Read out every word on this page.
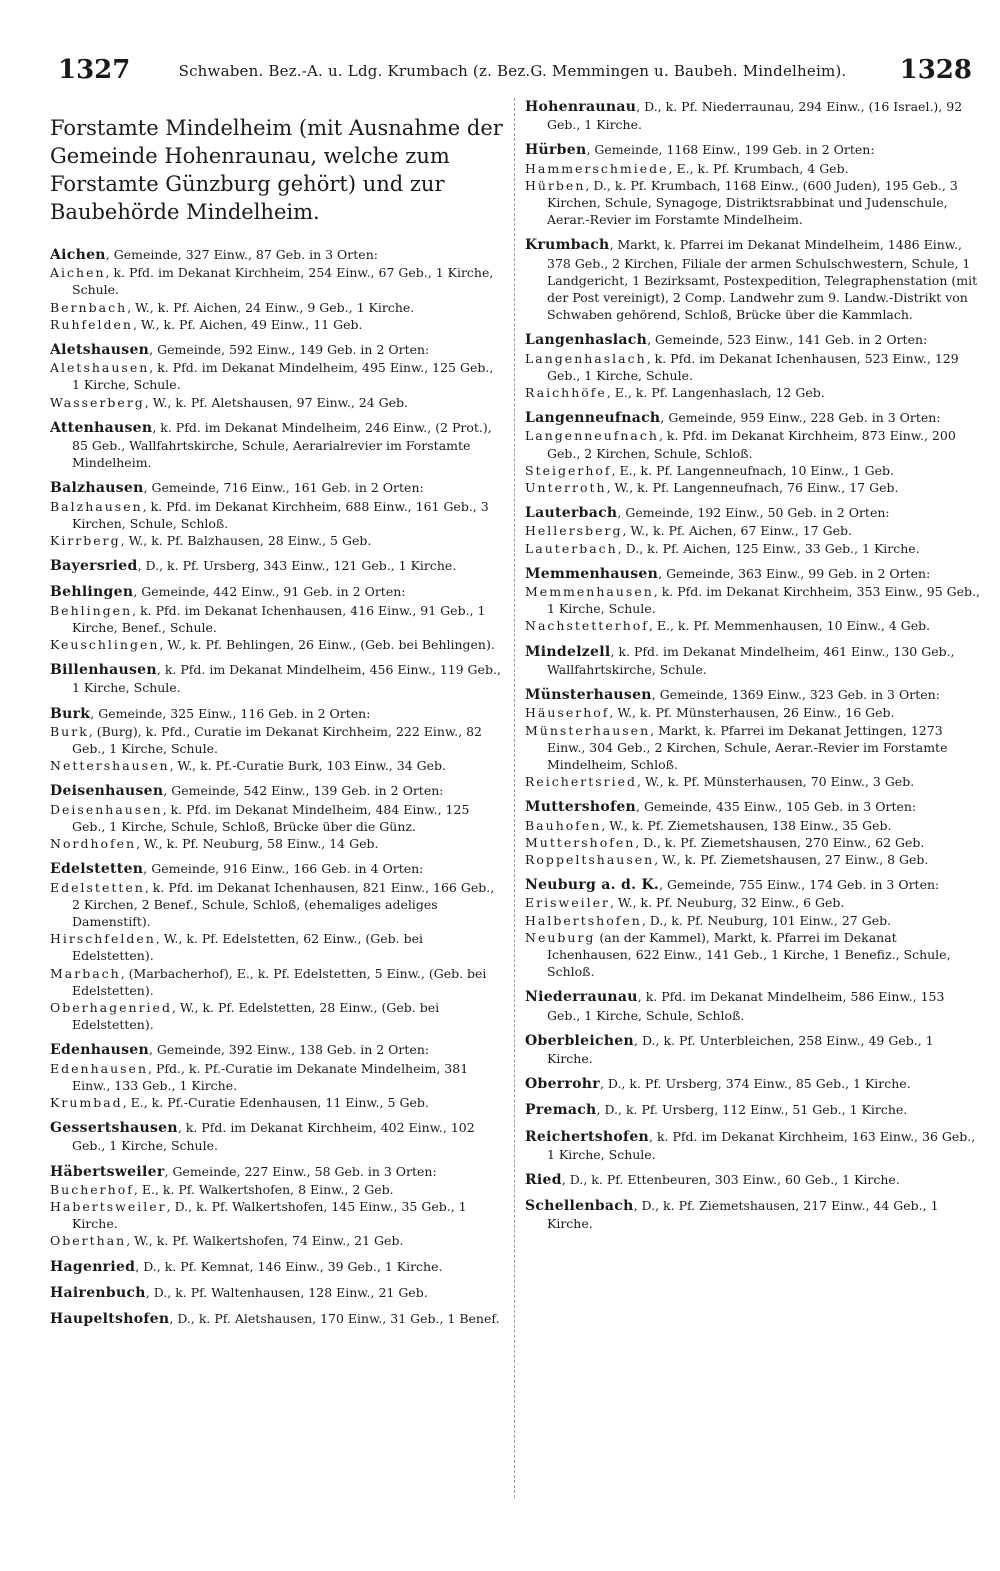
1327	Schwaben. Bez.-A. u. Ldg. Krumbach (z. Bez.G. Memmingen u. Baubeh. Mindelheim).	1328
Forstamte Mindelheim (mit Ausnahme der Gemeinde Hohenraunau, welche zum Forstamte Günzburg gehört) und zur Baubehörde Mindelheim.
Aichen, Gemeinde, 327 Einw., 87 Geb. in 3 Orten:
Aichen, k. Pfd. im Dekanat Kirchheim, 254 Einw., 67 Geb., 1 Kirche, Schule.
Bernbach, W., k. Pf. Aichen, 24 Einw., 9 Geb., 1 Kirche.
Ruhfelden, W., k. Pf. Aichen, 49 Einw., 11 Geb.
Aletshausen, Gemeinde, 592 Einw., 149 Geb. in 2 Orten:
Aletshausen, k. Pfd. im Dekanat Mindelheim, 495 Einw., 125 Geb., 1 Kirche, Schule.
Wasserberg, W., k. Pf. Aletshausen, 97 Einw., 24 Geb.
Attenhausen, k. Pfd. im Dekanat Mindelheim, 246 Einw., (2 Prot.), 85 Geb., Wallfahrtskirche, Schule, Aerarialrevier im Forstamte Mindelheim.
Balzhausen, Gemeinde, 716 Einw., 161 Geb. in 2 Orten:
Balzhausen, k. Pfd. im Dekanat Kirchheim, 688 Einw., 161 Geb., 3 Kirchen, Schule, Schloß.
Kirrberg, W., k. Pf. Balzhausen, 28 Einw., 5 Geb.
Bayersried, D., k. Pf. Ursberg, 343 Einw., 121 Geb., 1 Kirche.
Behlingen, Gemeinde, 442 Einw., 91 Geb. in 2 Orten:
Behlingen, k. Pfd. im Dekanat Ichenhausen, 416 Einw., 91 Geb., 1 Kirche, Benef., Schule.
Keuschlingen, W., k. Pf. Behlingen, 26 Einw., (Geb. bei Behlingen).
Billenhausen, k. Pfd. im Dekanat Mindelheim, 456 Einw., 119 Geb., 1 Kirche, Schule.
Burk, Gemeinde, 325 Einw., 116 Geb. in 2 Orten:
Burk, (Burg), k. Pfd., Curatie im Dekanat Kirchheim, 222 Einw., 82 Geb., 1 Kirche, Schule.
Nettershausen, W., k. Pf.-Curatie Burk, 103 Einw., 34 Geb.
Deisenhausen, Gemeinde, 542 Einw., 139 Geb. in 2 Orten:
Deisenhausen, k. Pfd. im Dekanat Mindelheim, 484 Einw., 125 Geb., 1 Kirche, Schule, Schloß, Brücke über die Günz.
Nordhofen, W., k. Pf. Neuburg, 58 Einw., 14 Geb.
Edelstetten, Gemeinde, 916 Einw., 166 Geb. in 4 Orten:
Edelstetten, k. Pfd. im Dekanat Ichenhausen, 821 Einw., 166 Geb., 2 Kirchen, 2 Benef., Schule, Schloß, (ehemaliges adeliges Damenstift).
Hirschfelden, W., k. Pf. Edelstetten, 62 Einw., (Geb. bei Edelstetten).
Marbach, (Marbacherhof), E., k. Pf. Edelstetten, 5 Einw., (Geb. bei Edelstetten).
Oberhagenried, W., k. Pf. Edelstetten, 28 Einw., (Geb. bei Edelstetten).
Edenhausen, Gemeinde, 392 Einw., 138 Geb. in 2 Orten:
Edenhausen, Pfd., k. Pf.-Curatie im Dekanate Mindelheim, 381 Einw., 133 Geb., 1 Kirche.
Krumbad, E., k. Pf.-Curatie Edenhausen, 11 Einw., 5 Geb.
Gessertshausen, k. Pfd. im Dekanat Kirchheim, 402 Einw., 102 Geb., 1 Kirche, Schule.
Häbertsweiler, Gemeinde, 227 Einw., 58 Geb. in 3 Orten:
Bucherhof, E., k. Pf. Walkertshofen, 8 Einw., 2 Geb.
Habertsweiler, D., k. Pf. Walkertshofen, 145 Einw., 35 Geb., 1 Kirche.
Oberthan, W., k. Pf. Walkertshofen, 74 Einw., 21 Geb.
Hagenried, D., k. Pf. Kemnat, 146 Einw., 39 Geb., 1 Kirche.
Hairenbuch, D., k. Pf. Waltenhausen, 128 Einw., 21 Geb.
Haupeltshofen, D., k. Pf. Aletshausen, 170 Einw., 31 Geb., 1 Benef.
Hohenraunau, D., k. Pf. Niederraunau, 294 Einw., (16 Israel.), 92 Geb., 1 Kirche.
Hürben, Gemeinde, 1168 Einw., 199 Geb. in 2 Orten:
Hammerschmiede, E., k. Pf. Krumbach, 4 Geb.
Hürben, D., k. Pf. Krumbach, 1168 Einw., (600 Juden), 195 Geb., 3 Kirchen, Schule, Synagoge, Distriktsrabbinat und Judenschule, Aerar.-Revier im Forstamte Mindelheim.
Krumbach, Markt, k. Pfarrei im Dekanat Mindelheim, 1486 Einw., 378 Geb., 2 Kirchen, Filiale der armen Schulschwestern, Schule, 1 Landgericht, 1 Bezirksamt, Postexpedition, Telegraphenstation (mit der Post vereinigt), 2 Comp. Landwehr zum 9. Landw.-Distrikt von Schwaben gehörend, Schloß, Brücke über die Kammlach.
Langenhaslach, Gemeinde, 523 Einw., 141 Geb. in 2 Orten:
Langenhaslach, k. Pfd. im Dekanat Ichenhausen, 523 Einw., 129 Geb., 1 Kirche, Schule.
Raichhöfe, E., k. Pf. Langenhaslach, 12 Geb.
Langenneufnach, Gemeinde, 959 Einw., 228 Geb. in 3 Orten:
Langenneufnach, k. Pfd. im Dekanat Kirchheim, 873 Einw., 200 Geb., 2 Kirchen, Schule, Schloß.
Steigerhof, E., k. Pf. Langenneufnach, 10 Einw., 1 Geb.
Unterroth, W., k. Pf. Langenneufnach, 76 Einw., 17 Geb.
Lauterbach, Gemeinde, 192 Einw., 50 Geb. in 2 Orten:
Hellersberg, W., k. Pf. Aichen, 67 Einw., 17 Geb.
Lauterbach, D., k. Pf. Aichen, 125 Einw., 33 Geb., 1 Kirche.
Memmenhausen, Gemeinde, 363 Einw., 99 Geb. in 2 Orten:
Memmenhausen, k. Pfd. im Dekanat Kirchheim, 353 Einw., 95 Geb., 1 Kirche, Schule.
Nachstetterhof, E., k. Pf. Memmenhausen, 10 Einw., 4 Geb.
Mindelzell, k. Pfd. im Dekanat Mindelheim, 461 Einw., 130 Geb., Wallfahrtskirche, Schule.
Münsterhausen, Gemeinde, 1369 Einw., 323 Geb. in 3 Orten:
Häuserhof, W., k. Pf. Münsterhausen, 26 Einw., 16 Geb.
Münsterhausen, Markt, k. Pfarrei im Dekanat Jettingen, 1273 Einw., 304 Geb., 2 Kirchen, Schule, Aerar.-Revier im Forstamte Mindelheim, Schloß.
Reichertsried, W., k. Pf. Münsterhausen, 70 Einw., 3 Geb.
Muttershofen, Gemeinde, 435 Einw., 105 Geb. in 3 Orten:
Bauhofen, W., k. Pf. Ziemetshausen, 138 Einw., 35 Geb.
Muttershofen, D., k. Pf. Ziemetshausen, 270 Einw., 62 Geb.
Roppeltshausen, W., k. Pf. Ziemetshausen, 27 Einw., 8 Geb.
Neuburg a. d. K., Gemeinde, 755 Einw., 174 Geb. in 3 Orten:
Erisweiler, W., k. Pf. Neuburg, 32 Einw., 6 Geb.
Halbertshofen, D., k. Pf. Neuburg, 101 Einw., 27 Geb.
Neuburg (an der Kammel), Markt, k. Pfarrei im Dekanat Ichenhausen, 622 Einw., 141 Geb., 1 Kirche, 1 Benefiz., Schule, Schloß.
Niederraunau, k. Pfd. im Dekanat Mindelheim, 586 Einw., 153 Geb., 1 Kirche, Schule, Schloß.
Oberbleichen, D., k. Pf. Unterbleichen, 258 Einw., 49 Geb., 1 Kirche.
Oberrohr, D., k. Pf. Ursberg, 374 Einw., 85 Geb., 1 Kirche.
Premach, D., k. Pf. Ursberg, 112 Einw., 51 Geb., 1 Kirche.
Reichertshofen, k. Pfd. im Dekanat Kirchheim, 163 Einw., 36 Geb., 1 Kirche, Schule.
Ried, D., k. Pf. Ettenbeuren, 303 Einw., 60 Geb., 1 Kirche.
Schellenbach, D., k. Pf. Ziemetshausen, 217 Einw., 44 Geb., 1 Kirche.
